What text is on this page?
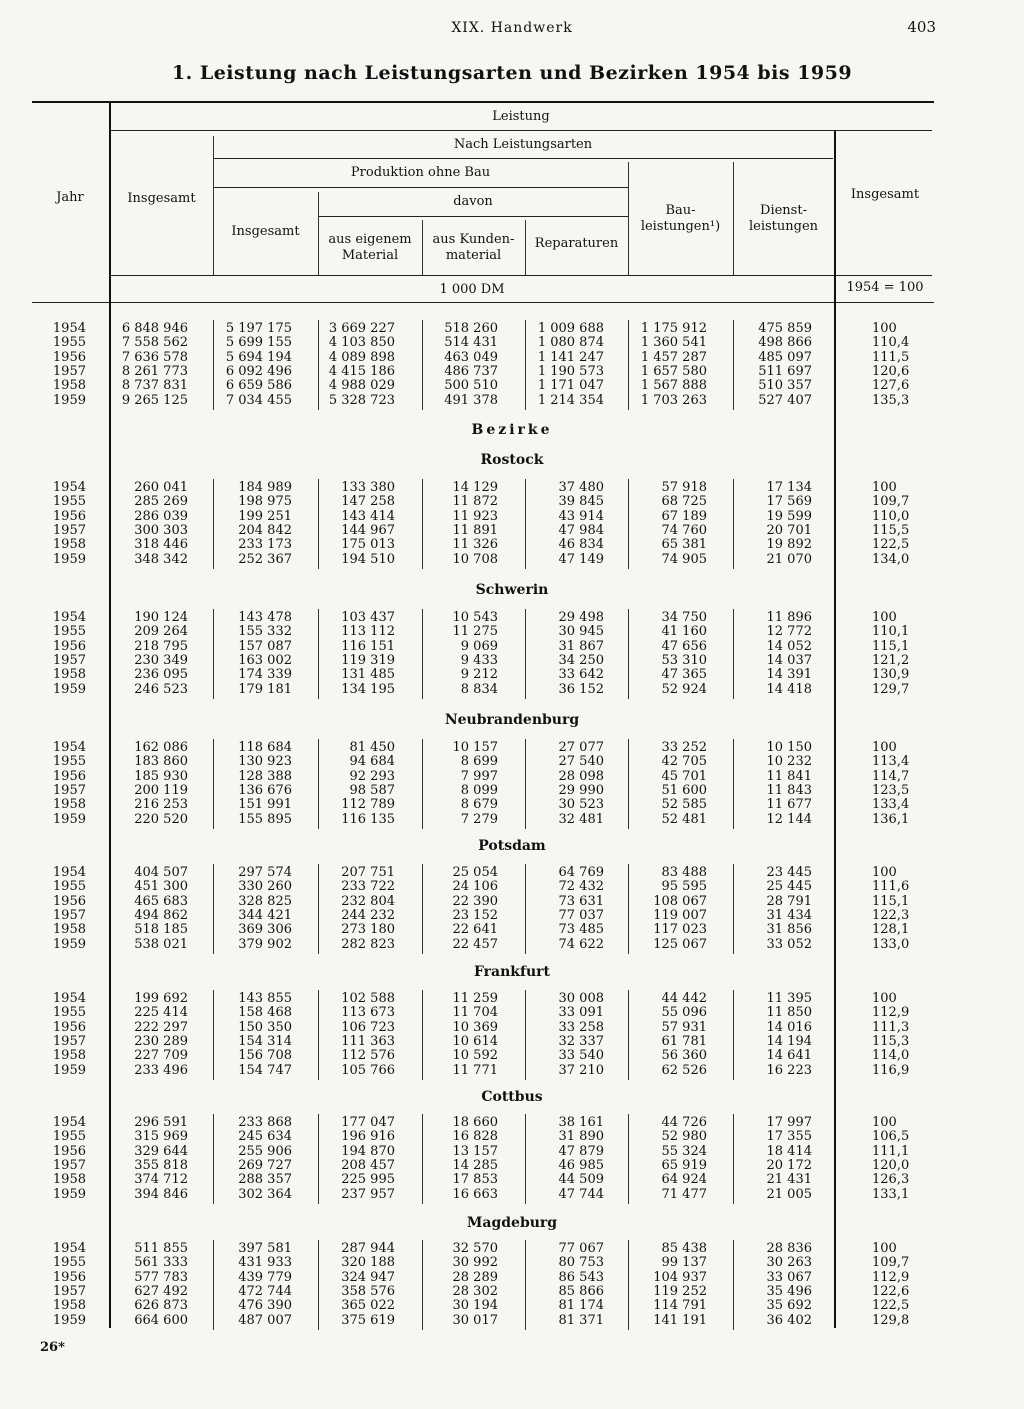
XIX. Handwerk	403
1. Leistung nach Leistungsarten und Bezirken 1954 bis 1959
Jahr
Leistung
Insgesamt
Nach Leistungsarten
Produktion ohne Bau
Insgesamt
davon
aus eigenem
Material
aus Kunden-
material
Reparaturen
Bau-
leistungen¹)
Dienst-
leistungen
Insgesamt
1 000 DM	1954 = 100
Bezirke
1954	6 848 946	5 197 175	3 669 227	518 260	1 009 688	1 175 912	475 859	100
1955	7 558 562	5 699 155	4 103 850	514 431	1 080 874	1 360 541	498 866	110,4
1956	7 636 578	5 694 194	4 089 898	463 049	1 141 247	1 457 287	485 097	111,5
1957	8 261 773	6 092 496	4 415 186	486 737	1 190 573	1 657 580	511 697	120,6
1958	8 737 831	6 659 586	4 988 029	500 510	1 171 047	1 567 888	510 357	127,6
1959	9 265 125	7 034 455	5 328 723	491 378	1 214 354	1 703 263	527 407	135,3
Rostock
1954	260 041	184 989	133 380	14 129	37 480	57 918	17 134	100
1955	285 269	198 975	147 258	11 872	39 845	68 725	17 569	109,7
1956	286 039	199 251	143 414	11 923	43 914	67 189	19 599	110,0
1957	300 303	204 842	144 967	11 891	47 984	74 760	20 701	115,5
1958	318 446	233 173	175 013	11 326	46 834	65 381	19 892	122,5
1959	348 342	252 367	194 510	10 708	47 149	74 905	21 070	134,0
Schwerin
1954	190 124	143 478	103 437	10 543	29 498	34 750	11 896	100
1955	209 264	155 332	113 112	11 275	30 945	41 160	12 772	110,1
1956	218 795	157 087	116 151	9 069	31 867	47 656	14 052	115,1
1957	230 349	163 002	119 319	9 433	34 250	53 310	14 037	121,2
1958	236 095	174 339	131 485	9 212	33 642	47 365	14 391	130,9
1959	246 523	179 181	134 195	8 834	36 152	52 924	14 418	129,7
Neubrandenburg
1954	162 086	118 684	81 450	10 157	27 077	33 252	10 150	100
1955	183 860	130 923	94 684	8 699	27 540	42 705	10 232	113,4
1956	185 930	128 388	92 293	7 997	28 098	45 701	11 841	114,7
1957	200 119	136 676	98 587	8 099	29 990	51 600	11 843	123,5
1958	216 253	151 991	112 789	8 679	30 523	52 585	11 677	133,4
1959	220 520	155 895	116 135	7 279	32 481	52 481	12 144	136,1
Potsdam
1954	404 507	297 574	207 751	25 054	64 769	83 488	23 445	100
1955	451 300	330 260	233 722	24 106	72 432	95 595	25 445	111,6
1956	465 683	328 825	232 804	22 390	73 631	108 067	28 791	115,1
1957	494 862	344 421	244 232	23 152	77 037	119 007	31 434	122,3
1958	518 185	369 306	273 180	22 641	73 485	117 023	31 856	128,1
1959	538 021	379 902	282 823	22 457	74 622	125 067	33 052	133,0
Frankfurt
1954	199 692	143 855	102 588	11 259	30 008	44 442	11 395	100
1955	225 414	158 468	113 673	11 704	33 091	55 096	11 850	112,9
1956	222 297	150 350	106 723	10 369	33 258	57 931	14 016	111,3
1957	230 289	154 314	111 363	10 614	32 337	61 781	14 194	115,3
1958	227 709	156 708	112 576	10 592	33 540	56 360	14 641	114,0
1959	233 496	154 747	105 766	11 771	37 210	62 526	16 223	116,9
Cottbus
1954	296 591	233 868	177 047	18 660	38 161	44 726	17 997	100
1955	315 969	245 634	196 916	16 828	31 890	52 980	17 355	106,5
1956	329 644	255 906	194 870	13 157	47 879	55 324	18 414	111,1
1957	355 818	269 727	208 457	14 285	46 985	65 919	20 172	120,0
1958	374 712	288 357	225 995	17 853	44 509	64 924	21 431	126,3
1959	394 846	302 364	237 957	16 663	47 744	71 477	21 005	133,1
Magdeburg
1954	511 855	397 581	287 944	32 570	77 067	85 438	28 836	100
1955	561 333	431 933	320 188	30 992	80 753	99 137	30 263	109,7
1956	577 783	439 779	324 947	28 289	86 543	104 937	33 067	112,9
1957	627 492	472 744	358 576	28 302	85 866	119 252	35 496	122,6
1958	626 873	476 390	365 022	30 194	81 174	114 791	35 692	122,5
1959	664 600	487 007	375 619	30 017	81 371	141 191	36 402	129,8
26*
